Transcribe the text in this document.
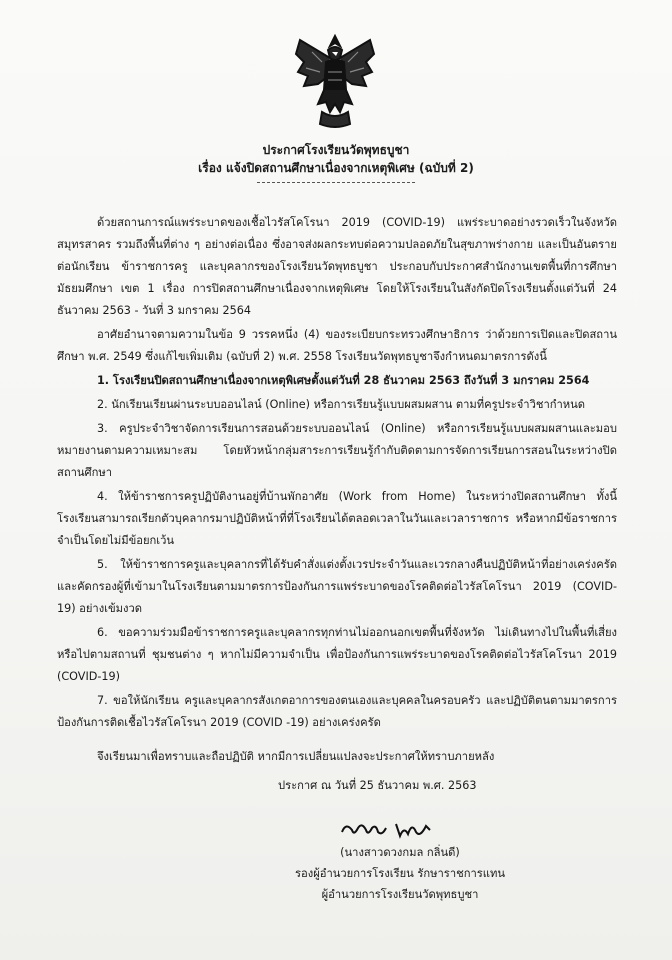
ประกาศโรงเรียนวัดพุทธบูชา

เรื่อง แจ้งปิดสถานศึกษาเนื่องจากเหตุพิเศษ (ฉบับที่ 2)

ด้วยสถานการณ์แพร่ระบาดของเชื้อไวรัสโคโรนา 2019 (COVID-19) แพร่ระบาดอย่างรวดเร็วในจังหวัดสมุทรสาคร รวมถึงพื้นที่ต่าง ๆ อย่างต่อเนื่อง ซึ่งอาจส่งผลกระทบต่อความปลอดภัยในสุขภาพร่างกาย และเป็นอันตรายต่อนักเรียน ข้าราชการครู และบุคลากรของโรงเรียนวัดพุทธบูชา ประกอบกับประกาศสำนักงานเขตพื้นที่การศึกษามัธยมศึกษา เขต 1 เรื่อง การปิดสถานศึกษาเนื่องจากเหตุพิเศษ โดยให้โรงเรียนในสังกัดปิดโรงเรียนตั้งแต่วันที่ 24 ธันวาคม 2563 - วันที่ 3 มกราคม 2564

อาศัยอำนาจตามความในข้อ 9 วรรคหนึ่ง (4) ของระเบียบกระทรวงศึกษาธิการ ว่าด้วยการเปิดและปิดสถานศึกษา พ.ศ. 2549 ซึ่งแก้ไขเพิ่มเติม (ฉบับที่ 2) พ.ศ. 2558 โรงเรียนวัดพุทธบูชาจึงกำหนดมาตรการดังนี้

1. โรงเรียนปิดสถานศึกษาเนื่องจากเหตุพิเศษตั้งแต่วันที่ 28 ธันวาคม 2563 ถึงวันที่ 3 มกราคม 2564

2. นักเรียนเรียนผ่านระบบออนไลน์ (Online) หรือการเรียนรู้แบบผสมผสาน ตามที่ครูประจำวิชากำหนด

3. ครูประจำวิชาจัดการเรียนการสอนด้วยระบบออนไลน์ (Online) หรือการเรียนรู้แบบผสมผสานและมอบหมายงานตามความเหมาะสม โดยหัวหน้ากลุ่มสาระการเรียนรู้กำกับติดตามการจัดการเรียนการสอนในระหว่างปิดสถานศึกษา

4. ให้ข้าราชการครูปฏิบัติงานอยู่ที่บ้านพักอาศัย (Work from Home) ในระหว่างปิดสถานศึกษา ทั้งนี้โรงเรียนสามารถเรียกตัวบุคลากรมาปฏิบัติหน้าที่ที่โรงเรียนได้ตลอดเวลาในวันและเวลาราชการ หรือหากมีข้อราชการจำเป็นโดยไม่มีข้อยกเว้น

5. ให้ข้าราชการครูและบุคลากรที่ได้รับคำสั่งแต่งตั้งเวรประจำวันและเวรกลางคืนปฏิบัติหน้าที่อย่างเคร่งครัดและคัดกรองผู้ที่เข้ามาในโรงเรียนตามมาตรการป้องกันการแพร่ระบาดของโรคติดต่อไวรัสโคโรนา 2019 (COVID-19) อย่างเข้มงวด

6. ขอความร่วมมือข้าราชการครูและบุคลากรทุกท่านไม่ออกนอกเขตพื้นที่จังหวัด ไม่เดินทางไปในพื้นที่เสี่ยงหรือไปตามสถานที่ ชุมชนต่าง ๆ หากไม่มีความจำเป็น เพื่อป้องกันการแพร่ระบาดของโรคติดต่อไวรัสโคโรนา 2019 (COVID-19)

7. ขอให้นักเรียน ครูและบุคลากรสังเกตอาการของตนเองและบุคคลในครอบครัว และปฏิบัติตนตามมาตรการป้องกันการติดเชื้อไวรัสโคโรนา 2019 (COVID -19) อย่างเคร่งครัด

จึงเรียนมาเพื่อทราบและถือปฏิบัติ หากมีการเปลี่ยนแปลงจะประกาศให้ทราบภายหลัง

ประกาศ ณ วันที่ 25 ธันวาคม พ.ศ. 2563
(นางสาวดวงกมล กลิ่นดี)
รองผู้อำนวยการโรงเรียน รักษาราชการแทน
ผู้อำนวยการโรงเรียนวัดพุทธบูชา
